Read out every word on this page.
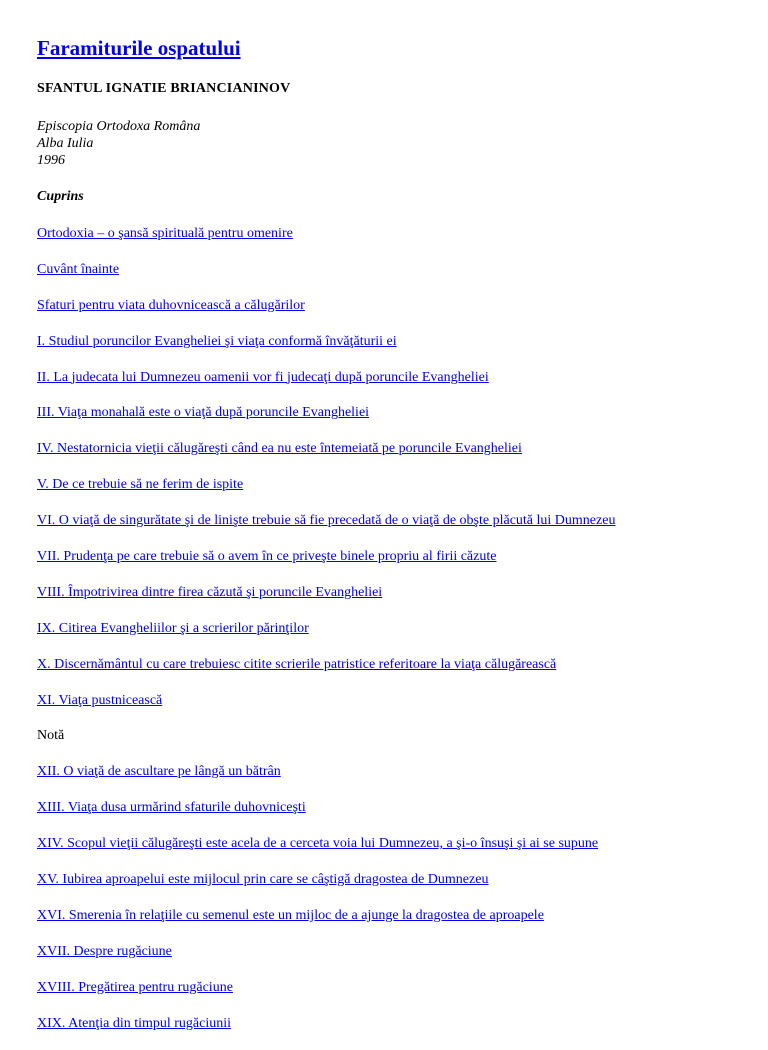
Faramiturile ospatului

SFANTUL IGNATIE BRIANCIANINOV

Episcopia Ortodoxa Româna
Alba Iulia
1996

Cuprins

Ortodoxia – o şansă spirituală pentru omenire
Cuvânt înainte
Sfaturi pentru viata duhovnicească a călugărilor
I. Studiul poruncilor Evangheliei şi viaţa conformă învăţăturii ei
II. La judecata lui Dumnezeu oamenii vor fi judecaţi după poruncile Evangheliei
III. Viaţa monahală este o viaţă după poruncile Evangheliei
IV. Nestatornicia vieţii călugăreşti când ea nu este întemeiată pe poruncile Evangheliei
V. De ce trebuie să ne ferim de ispite
VI. O viaţă de singurătate şi de linişte trebuie să fie precedată de o viaţă de obşte plăcută lui Dumnezeu
VII. Prudenţa pe care trebuie să o avem în ce priveşte binele propriu al firii căzute
VIII. Împotrivirea dintre firea căzută şi poruncile Evangheliei
IX. Citirea Evangheliilor şi a scrierilor părinţilor
X. Discernământul cu care trebuiesc citite scrierile patristice referitoare la viaţa călugărească
XI. Viaţa pustnicească
Notă
XII. O viaţă de ascultare pe lângă un bătrân
XIII. Viaţa dusa urmărind sfaturile duhovniceşti
XIV. Scopul vieţii călugăreşti este acela de a cerceta voia lui Dumnezeu, a şi-o însuşi şi ai se supune
XV. Iubirea aproapelui este mijlocul prin care se câştigă dragostea de Dumnezeu
XVI. Smerenia în relaţiile cu semenul este un mijloc de a ajunge la dragostea de aproapele
XVII. Despre rugăciune
XVIII. Pregătirea pentru rugăciune
XIX. Atenţia din timpul rugăciunii
